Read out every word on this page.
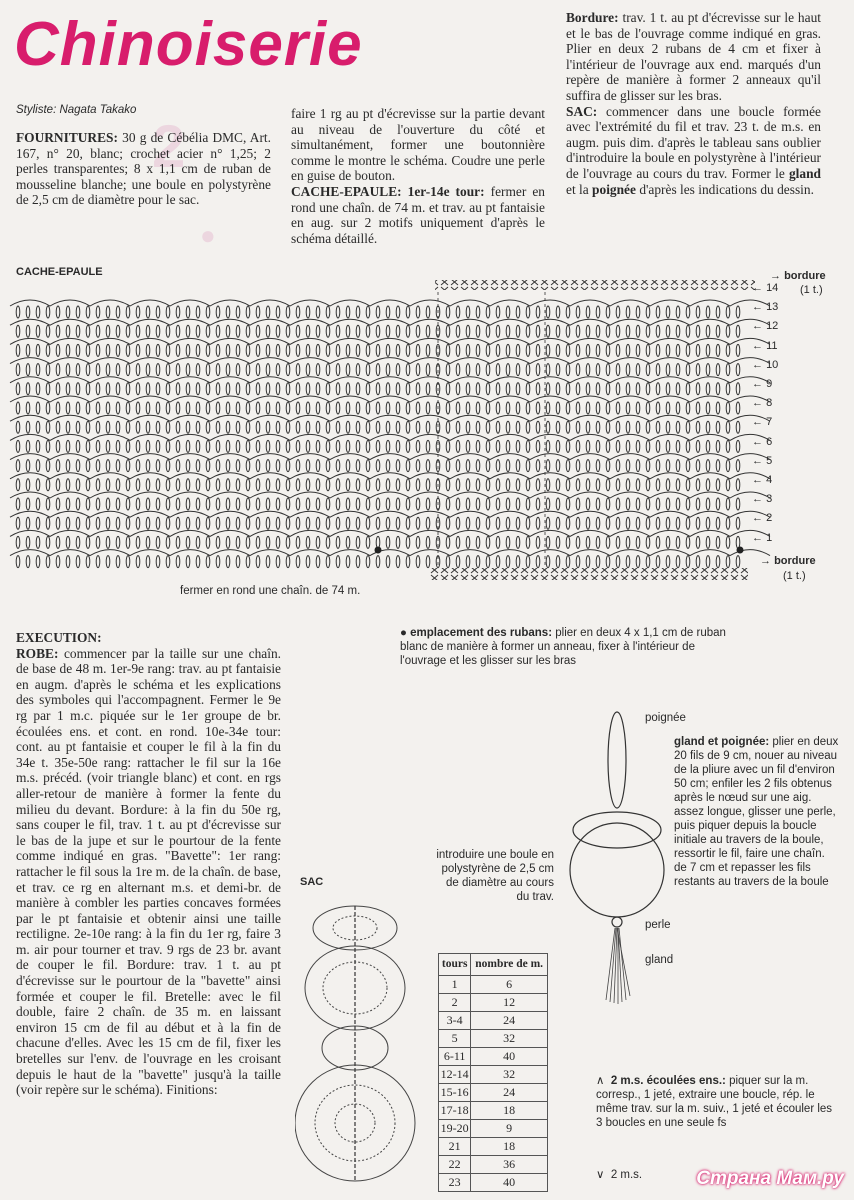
2
●
Chinoiserie
Styliste: Nagata Takako

FOURNITURES: 30 g de Cébélia DMC, Art. 167, n° 20, blanc; crochet acier n° 1,25; 2 perles transparentes; 8 x 1,1 cm de ruban de mousseline blanche; une boule en polystyrène de 2,5 cm de diamètre pour le sac.

faire 1 rg au pt d'écrevisse sur la partie devant au niveau de l'ouverture du côté et simultanément, former une boutonnière comme le montre le schéma. Coudre une perle en guise de bouton.

CACHE-EPAULE: 1er-14e tour: fermer en rond une chaîn. de 74 m. et trav. au pt fantaisie en aug. sur 2 motifs uniquement d'après le schéma détaillé.

Bordure: trav. 1 t. au pt d'écrevisse sur le haut et le bas de l'ouvrage comme indiqué en gras. Plier en deux 2 rubans de 4 cm et fixer à l'intérieur de l'ouvrage aux end. marqués d'un repère de manière à former 2 anneaux qu'il suffira de glisser sur les bras.

SAC: commencer dans une boucle formée avec l'extrémité du fil et trav. 23 t. de m.s. en augm. puis dim. d'après le tableau sans oublier d'introduire la boule en polystyrène à l'intérieur de l'ouvrage au cours du trav. Former le gland et la poignée d'après les indications du dessin.

CACHE-EPAULE	→ bordure
← 14
← 13
← 12
← 11
← 10
← 9
← 8
← 7
← 6
← 5
← 4
← 3
← 2
← 1
(1 t.)
→ bordure
(1 t.)
fermer en rond une chaîn. de 74 m.

EXECUTION:

ROBE: commencer par la taille sur une chaîn. de base de 48 m. 1er-9e rang: trav. au pt fantaisie en augm. d'après le schéma et les explications des symboles qui l'accompagnent. Fermer le 9e rg par 1 m.c. piquée sur le 1er groupe de br. écoulées ens. et cont. en rond. 10e-34e tour: cont. au pt fantaisie et couper le fil à la fin du 34e t. 35e-50e rang: rattacher le fil sur la 16e m.s. précéd. (voir triangle blanc) et cont. en rgs aller-retour de manière à former la fente du milieu du devant. Bordure: à la fin du 50e rg, sans couper le fil, trav. 1 t. au pt d'écrevisse sur le bas de la jupe et sur le pourtour de la fente comme indiqué en gras. "Bavette": 1er rang: rattacher le fil sous la 1re m. de la chaîn. de base, et trav. ce rg en alternant m.s. et demi-br. de manière à combler les parties concaves formées par le pt fantaisie et obtenir ainsi une taille rectiligne. 2e-10e rang: à la fin du 1er rg, faire 3 m. air pour tourner et trav. 9 rgs de 23 br. avant de couper le fil. Bordure: trav. 1 t. au pt d'écrevisse sur le pourtour de la "bavette" ainsi formée et couper le fil. Bretelle: avec le fil double, faire 2 chaîn. de 35 m. en laissant environ 15 cm de fil au début et à la fin de chacune d'elles. Avec les 15 cm de fil, fixer les bretelles sur l'env. de l'ouvrage en les croisant depuis le haut de la "bavette" jusqu'à la taille (voir repère sur le schéma). Finitions:

● emplacement des rubans: plier en deux 4 x 1,1 cm de ruban blanc de manière à former un anneau, fixer à l'intérieur de l'ouvrage et les glisser sur les bras
poignée
perle
gland
introduire une boule en polystyrène de 2,5 cm de diamètre au cours du trav.
gland et poignée: plier en deux 20 fils de 9 cm, nouer au niveau de la pliure avec un fil d'environ 50 cm; enfiler les 2 fils obtenus après le nœud sur une aig. assez longue, glisser une perle, puis piquer depuis la boucle initiale au travers de la boule, ressortir le fil, faire une chaîn. de 7 cm et repasser les fils restants au travers de la boule
SAC
tours	nombre de m.
1	6
2	12
3-4	24
5	32
6-11	40
12-14	32
15-16	24
17-18	18
19-20	9
21	18
22	36
23	40
∧ 2 m.s. écoulées ens.: piquer sur la m. corresp., 1 jeté, extraire une boucle, rép. le même trav. sur la m. suiv., 1 jeté et écouler les 3 boucles en une seule fs
∨ 2 m.s.	Страна Мам.ру
